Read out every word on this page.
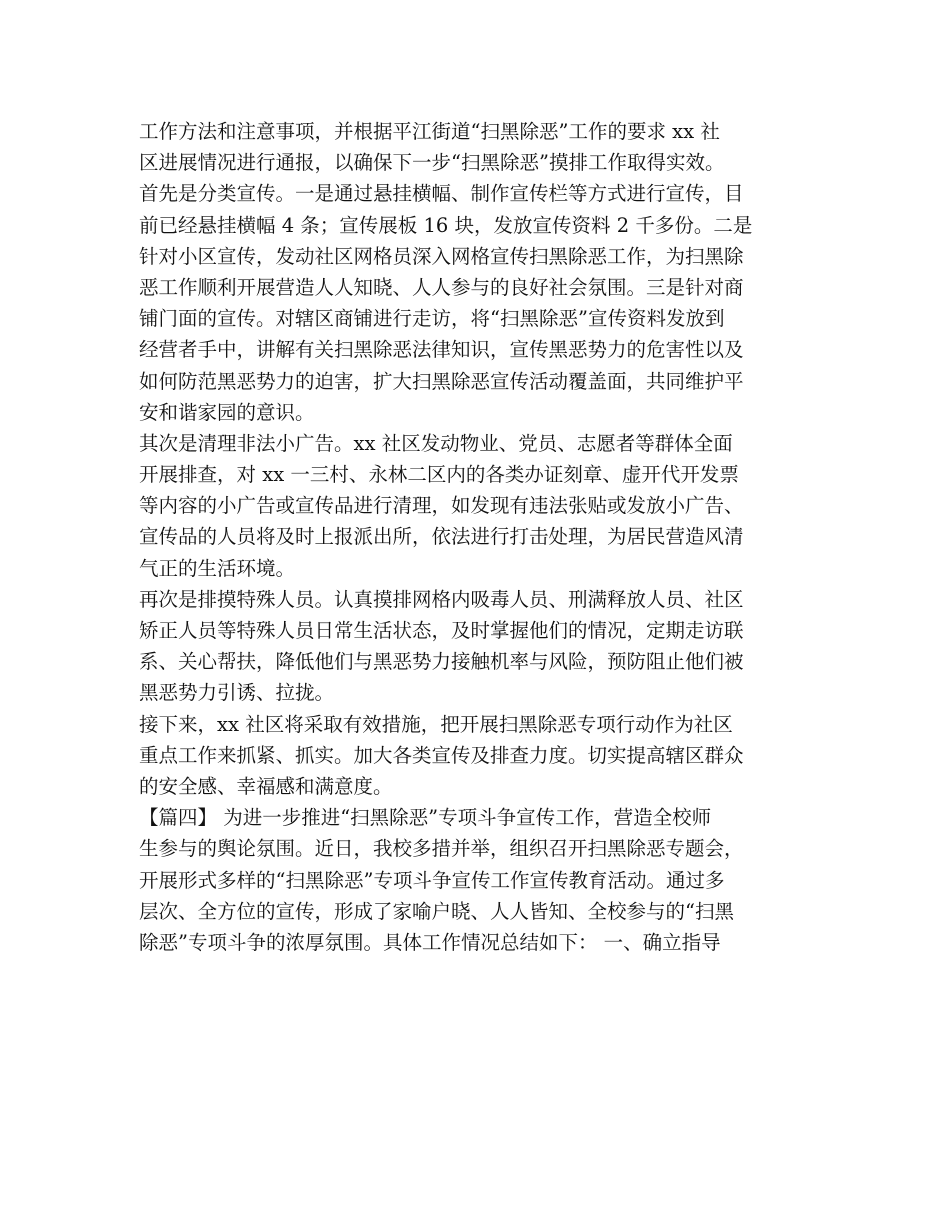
工作方法和注意事项，并根据平江街道“扫黑除恶”工作的要求 xx 社
区进展情况进行通报，以确保下一步“扫黑除恶”摸排工作取得实效。
首先是分类宣传。一是通过悬挂横幅、制作宣传栏等方式进行宣传，目
前已经悬挂横幅 4 条；宣传展板 16 块，发放宣传资料 2 千多份。二是
针对小区宣传，发动社区网格员深入网格宣传扫黑除恶工作，为扫黑除
恶工作顺利开展营造人人知晓、人人参与的良好社会氛围。三是针对商
铺门面的宣传。对辖区商铺进行走访，将“扫黑除恶”宣传资料发放到
经营者手中，讲解有关扫黑除恶法律知识，宣传黑恶势力的危害性以及
如何防范黑恶势力的迫害，扩大扫黑除恶宣传活动覆盖面，共同维护平
安和谐家园的意识。
其次是清理非法小广告。xx 社区发动物业、党员、志愿者等群体全面
开展排查，对 xx 一三村、永林二区内的各类办证刻章、虚开代开发票
等内容的小广告或宣传品进行清理，如发现有违法张贴或发放小广告、
宣传品的人员将及时上报派出所，依法进行打击处理，为居民营造风清
气正的生活环境。
再次是排摸特殊人员。认真摸排网格内吸毒人员、刑满释放人员、社区
矫正人员等特殊人员日常生活状态，及时掌握他们的情况，定期走访联
系、关心帮扶，降低他们与黑恶势力接触机率与风险，预防阻止他们被
黑恶势力引诱、拉拢。
接下来，xx 社区将采取有效措施，把开展扫黑除恶专项行动作为社区
重点工作来抓紧、抓实。加大各类宣传及排查力度。切实提高辖区群众
的安全感、幸福感和满意度。
【篇四】 为进一步推进“扫黑除恶”专项斗争宣传工作，营造全校师
生参与的舆论氛围。近日，我校多措并举，组织召开扫黑除恶专题会，
开展形式多样的“扫黑除恶”专项斗争宣传工作宣传教育活动。通过多
层次、全方位的宣传，形成了家喻户晓、人人皆知、全校参与的“扫黑
除恶”专项斗争的浓厚氛围。具体工作情况总结如下： 一、确立指导
